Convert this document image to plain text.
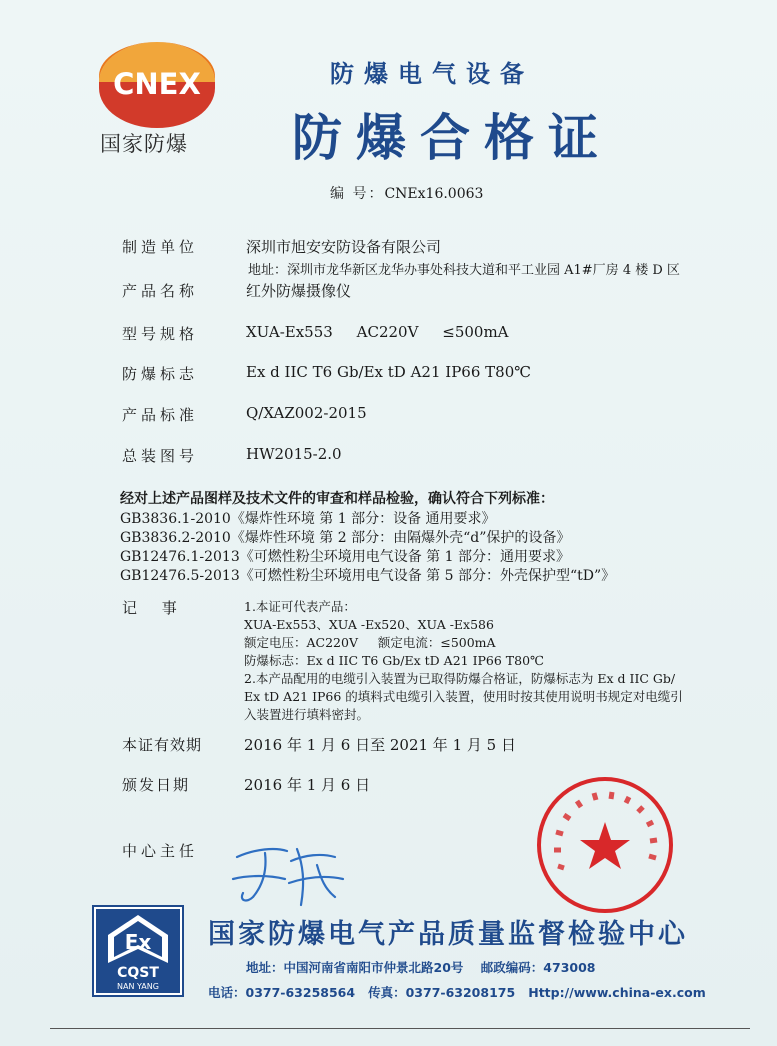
CNEX
国家防爆
防爆电气设备
防爆合格证
编 号：CNEx16.0063
制造单位	深圳市旭安安防设备有限公司
地址：深圳市龙华新区龙华办事处科技大道和平工业园 A1#厂房 4 楼 D 区
产品名称	红外防爆摄像仪
型号规格	XUA-Ex553     AC220V     ≤500mA
防爆标志	Ex d IIC T6 Gb/Ex tD A21 IP66 T80℃
产品标准	Q/XAZ002-2015
总装图号	HW2015-2.0
经对上述产品图样及技术文件的审查和样品检验，确认符合下列标准：
GB3836.1-2010《爆炸性环境 第 1 部分：设备 通用要求》
GB3836.2-2010《爆炸性环境 第 2 部分：由隔爆外壳“d”保护的设备》
GB12476.1-2013《可燃性粉尘环境用电气设备 第 1 部分：通用要求》
GB12476.5-2013《可燃性粉尘环境用电气设备 第 5 部分：外壳保护型“tD”》
记 事	1.本证可代表产品：
XUA-Ex553、XUA -Ex520、XUA -Ex586
额定电压：AC220V     额定电流：≤500mA
防爆标志：Ex d IIC T6 Gb/Ex tD A21 IP66 T80℃
2.本产品配用的电缆引入装置为已取得防爆合格证，防爆标志为 Ex d IIC Gb/
Ex tD A21 IP66 的填料式电缆引入装置，使用时按其使用说明书规定对电缆引
入装置进行填料密封。
本证有效期	2016 年 1 月 6 日至 2021 年 1 月 5 日
颁发日期	2016 年 1 月 6 日
中心主任
Ex
CQST
NAN YANG
国家防爆电气产品质量监督检验中心
地址：中国河南省南阳市仲景北路20号    邮政编码：473008
电话：0377-63258564   传真：0377-63208175   Http://www.china-ex.com
